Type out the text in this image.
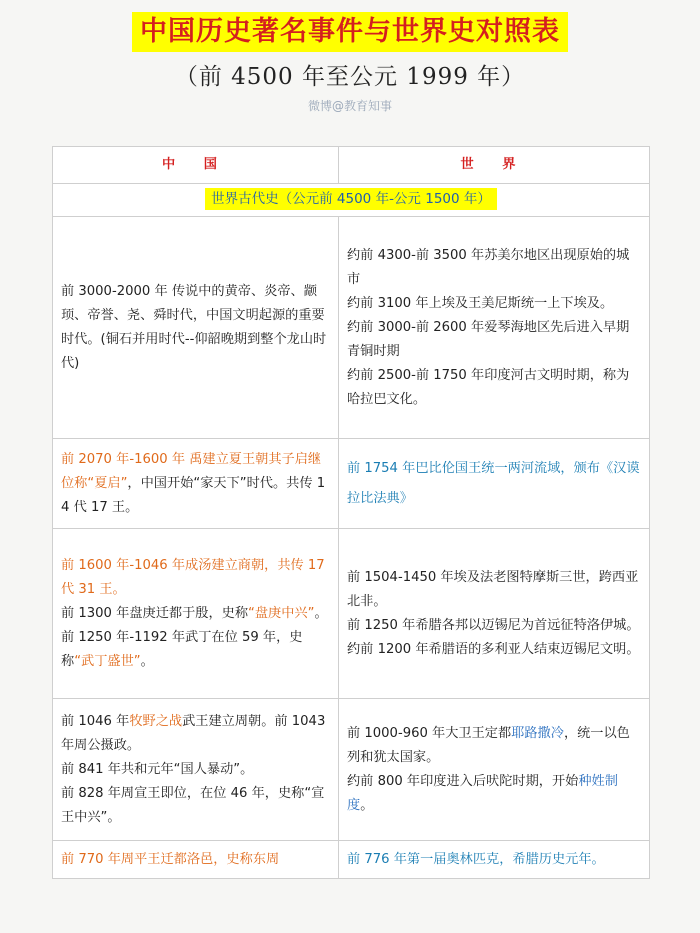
中国历史著名事件与世界史对照表
（前 4500 年至公元 1999 年）
微博@教育知事
中 国	世 界
世界古代史（公元前 4500 年-公元 1500 年）	

前 3000-2000 年 传说中的黄帝、炎帝、颛顼、帝誉、尧、舜时代，中国文明起源的重要时代。(铜石并用时代--仰韶晚期到整个龙山时代)	约前 4300-前 3500 年苏美尔地区出现原始的城市
约前 3100 年上埃及王美尼斯统一上下埃及。
约前 3000-前 2600 年爱琴海地区先后进入早期青铜时期
约前 2500-前 1750 年印度河古文明时期，称为哈拉巴文化。

前 2070 年-1600 年 禹建立夏王朝其子启继位称“夏启”，中国开始“家天下”时代。共传 14 代 17 王。	前 1754 年巴比伦国王统一两河流域，颁布《汉谟拉比法典》

前 1600 年-1046 年成汤建立商朝，共传 17 代 31 王。
前 1300 年盘庚迁都于殷，史称“盘庚中兴”。
前 1250 年-1192 年武丁在位 59 年，史称“武丁盛世”。	前 1504-1450 年埃及法老图特摩斯三世，跨西亚北非。
前 1250 年希腊各邦以迈锡尼为首远征特洛伊城。
约前 1200 年希腊语的多利亚人结束迈锡尼文明。

前 1046 年牧野之战武王建立周朝。前 1043 年周公摄政。
前 841 年共和元年“国人暴动”。
前 828 年周宣王即位，在位 46 年，史称“宣王中兴”。	前 1000-960 年大卫王定都耶路撒冷，统一以色列和犹太国家。
约前 800 年印度进入后吠陀时期，开始种姓制度。

前 770 年周平王迁都洛邑，史称东周	前 776 年第一届奥林匹克，希腊历史元年。
